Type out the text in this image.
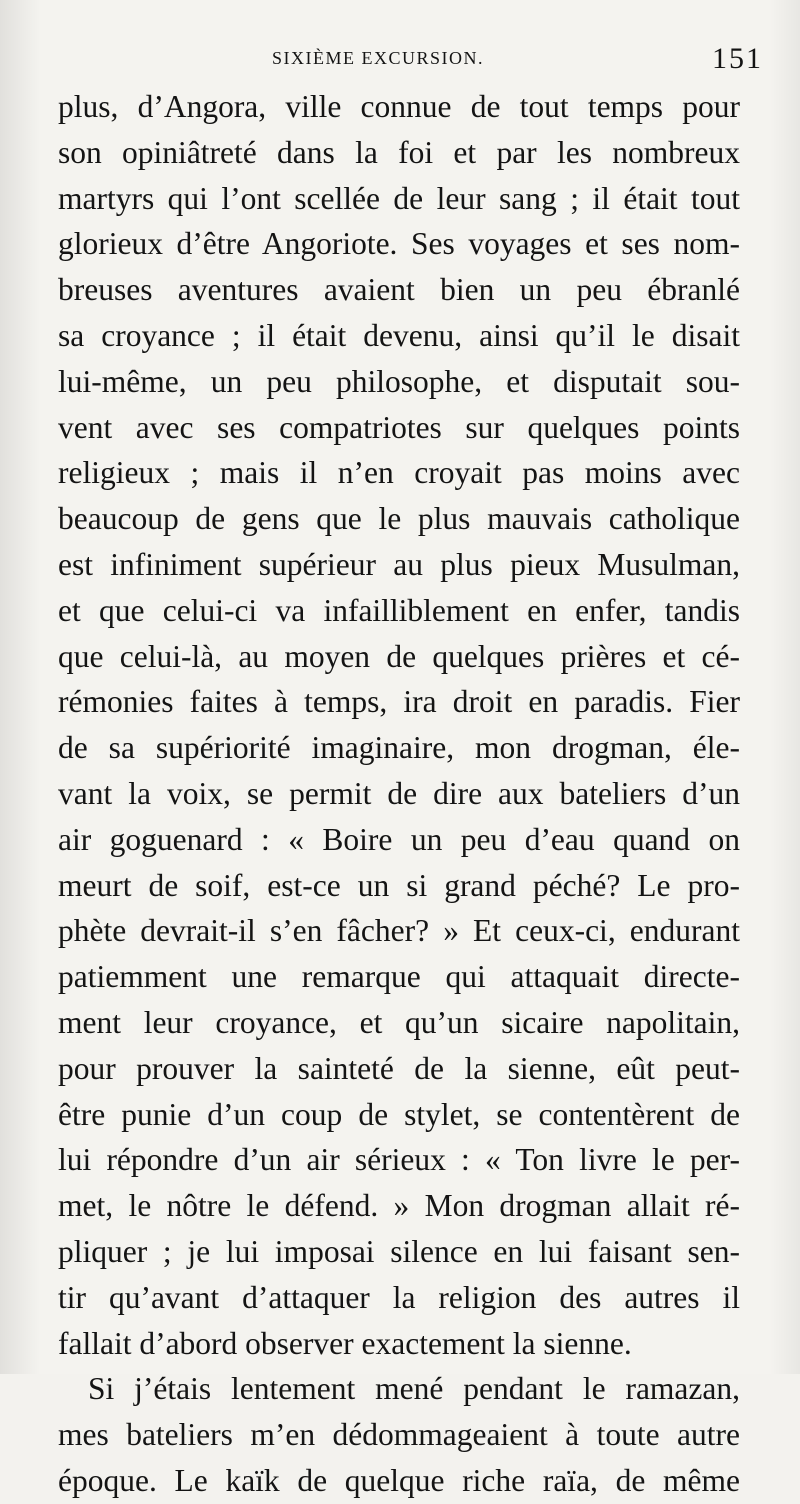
SIXIÈME EXCURSION.	151
plus, d’Angora, ville connue de tout temps pour
son opiniâtreté dans la foi et par les nombreux
martyrs qui l’ont scellée de leur sang ; il était tout
glorieux d’être Angoriote. Ses voyages et ses nom-
breuses aventures avaient bien un peu ébranlé
sa croyance ; il était devenu, ainsi qu’il le disait
lui-même, un peu philosophe, et disputait sou-
vent avec ses compatriotes sur quelques points
religieux ; mais il n’en croyait pas moins avec
beaucoup de gens que le plus mauvais catholique
est infiniment supérieur au plus pieux Musulman,
et que celui-ci va infailliblement en enfer, tandis
que celui-là, au moyen de quelques prières et cé-
rémonies faites à temps, ira droit en paradis. Fier
de sa supériorité imaginaire, mon drogman, éle-
vant la voix, se permit de dire aux bateliers d’un
air goguenard : « Boire un peu d’eau quand on
meurt de soif, est-ce un si grand péché? Le pro-
phète devrait-il s’en fâcher? » Et ceux-ci, endurant
patiemment une remarque qui attaquait directe-
ment leur croyance, et qu’un sicaire napolitain,
pour prouver la sainteté de la sienne, eût peut-
être punie d’un coup de stylet, se contentèrent de
lui répondre d’un air sérieux : « Ton livre le per-
met, le nôtre le défend. » Mon drogman allait ré-
pliquer ; je lui imposai silence en lui faisant sen-
tir qu’avant d’attaquer la religion des autres il
fallait d’abord observer exactement la sienne.
Si j’étais lentement mené pendant le ramazan,
mes bateliers m’en dédommageaient à toute autre
époque. Le kaïk de quelque riche raïa, de même
